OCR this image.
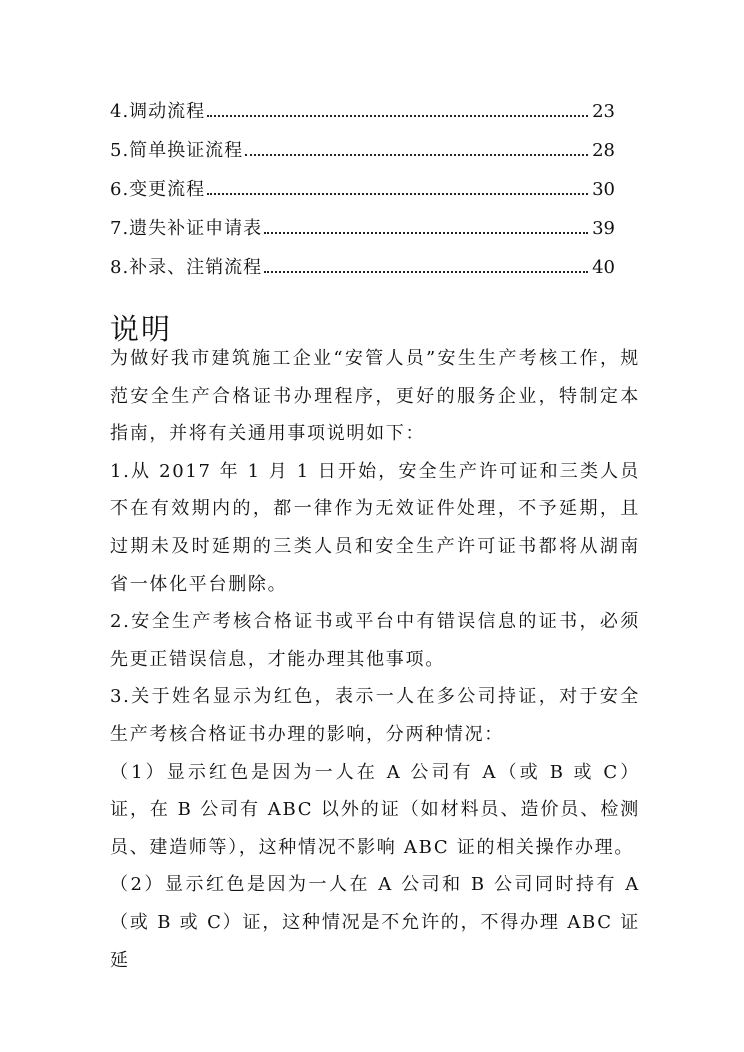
4.调动流程	23
5.简单换证流程	28
6.变更流程	30
7.遗失补证申请表	39
8.补录、注销流程	40
说明

为做好我市建筑施工企业“安管人员”安生生产考核工作，规范安全生产合格证书办理程序，更好的服务企业，特制定本指南，并将有关通用事项说明如下：

1.从 2017 年 1 月 1 日开始，安全生产许可证和三类人员不在有效期内的，都一律作为无效证件处理，不予延期，且过期未及时延期的三类人员和安全生产许可证书都将从湖南省一体化平台删除。

2.安全生产考核合格证书或平台中有错误信息的证书，必须先更正错误信息，才能办理其他事项。

3.关于姓名显示为红色，表示一人在多公司持证，对于安全生产考核合格证书办理的影响，分两种情况：

（1）显示红色是因为一人在 A 公司有 A（或 B 或 C）证，在 B 公司有 ABC 以外的证（如材料员、造价员、检测员、建造师等），这种情况不影响 ABC 证的相关操作办理。

（2）显示红色是因为一人在 A 公司和 B 公司同时持有 A（或 B 或 C）证，这种情况是不允许的，不得办理 ABC 证延
